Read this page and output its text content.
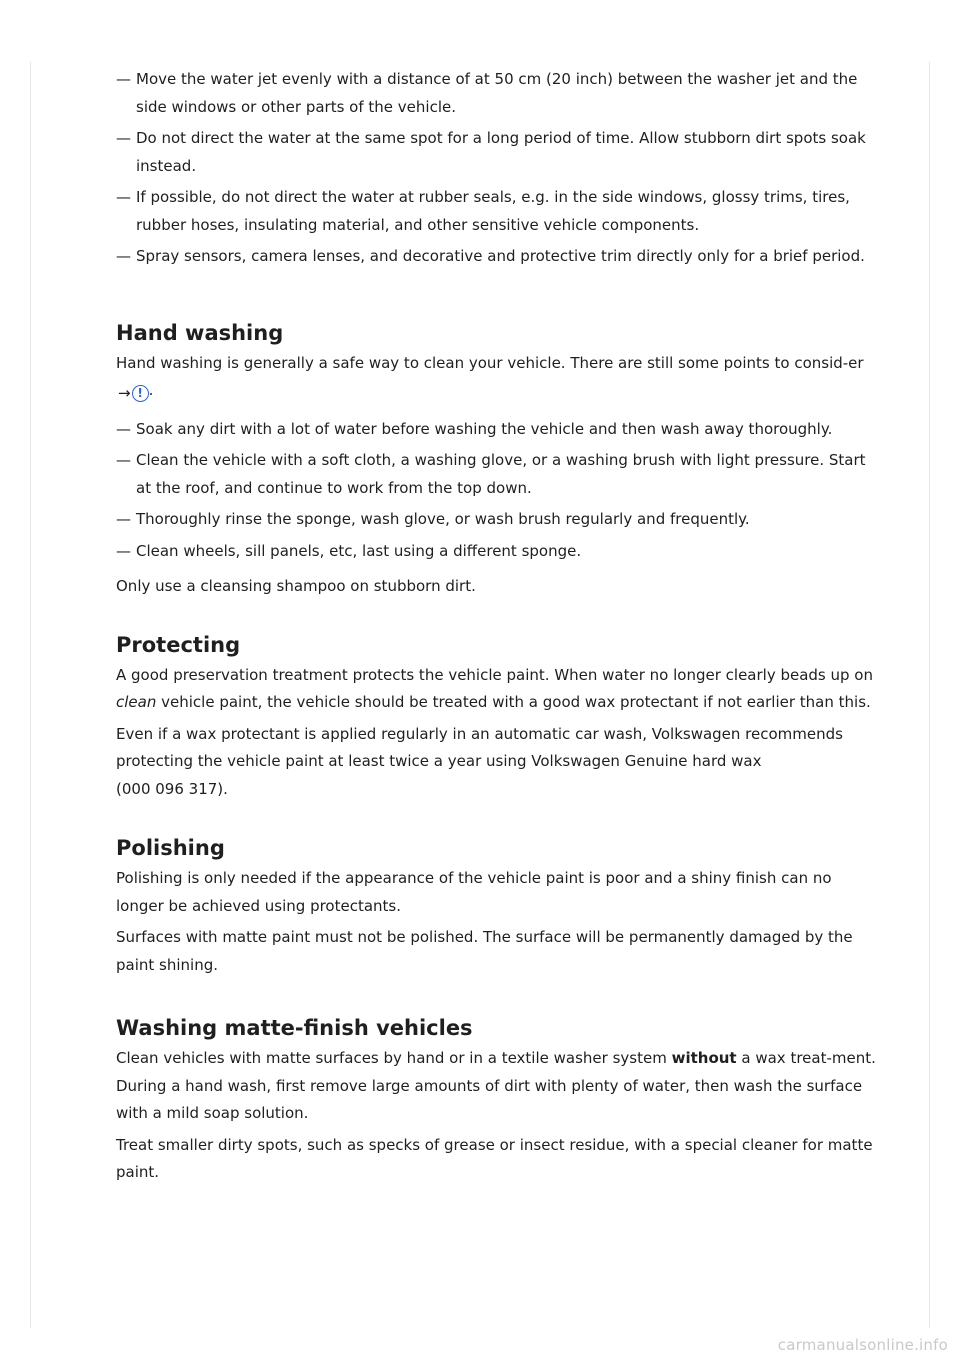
— Move the water jet evenly with a distance of at 50 cm (20 inch) between the washer jet and the side windows or other parts of the vehicle.
— Do not direct the water at the same spot for a long period of time. Allow stubborn dirt spots soak instead.
— If possible, do not direct the water at rubber seals, e.g. in the side windows, glossy trims, tires, rubber hoses, insulating material, and other sensitive vehicle components.
— Spray sensors, camera lenses, and decorative and protective trim directly only for a brief period.
Hand washing

Hand washing is generally a safe way to clean your vehicle. There are still some points to consid-er
→
! .

— Soak any dirt with a lot of water before washing the vehicle and then wash away thoroughly.
— Clean the vehicle with a soft cloth, a washing glove, or a washing brush with light pressure. Start at the roof, and continue to work from the top down.
— Thoroughly rinse the sponge, wash glove, or wash brush regularly and frequently.
— Clean wheels, sill panels, etc, last using a different sponge.

Only use a cleansing shampoo on stubborn dirt.

Protecting

A good preservation treatment protects the vehicle paint. When water no longer clearly beads up on clean vehicle paint, the vehicle should be treated with a good wax protectant if not earlier than this.

Even if a wax protectant is applied regularly in an automatic car wash, Volkswagen recommends protecting the vehicle paint at least twice a year using Volkswagen Genuine hard wax
(000 096 317).

Polishing

Polishing is only needed if the appearance of the vehicle paint is poor and a shiny finish can no longer be achieved using protectants.

Surfaces with matte paint must not be polished. The surface will be permanently damaged by the paint shining.

Washing matte-finish vehicles

Clean vehicles with matte surfaces by hand or in a textile washer system without a wax treat-ment. During a hand wash, first remove large amounts of dirt with plenty of water, then wash the surface with a mild soap solution.

Treat smaller dirty spots, such as specks of grease or insect residue, with a special cleaner for matte paint.

carmanualsonline.info
